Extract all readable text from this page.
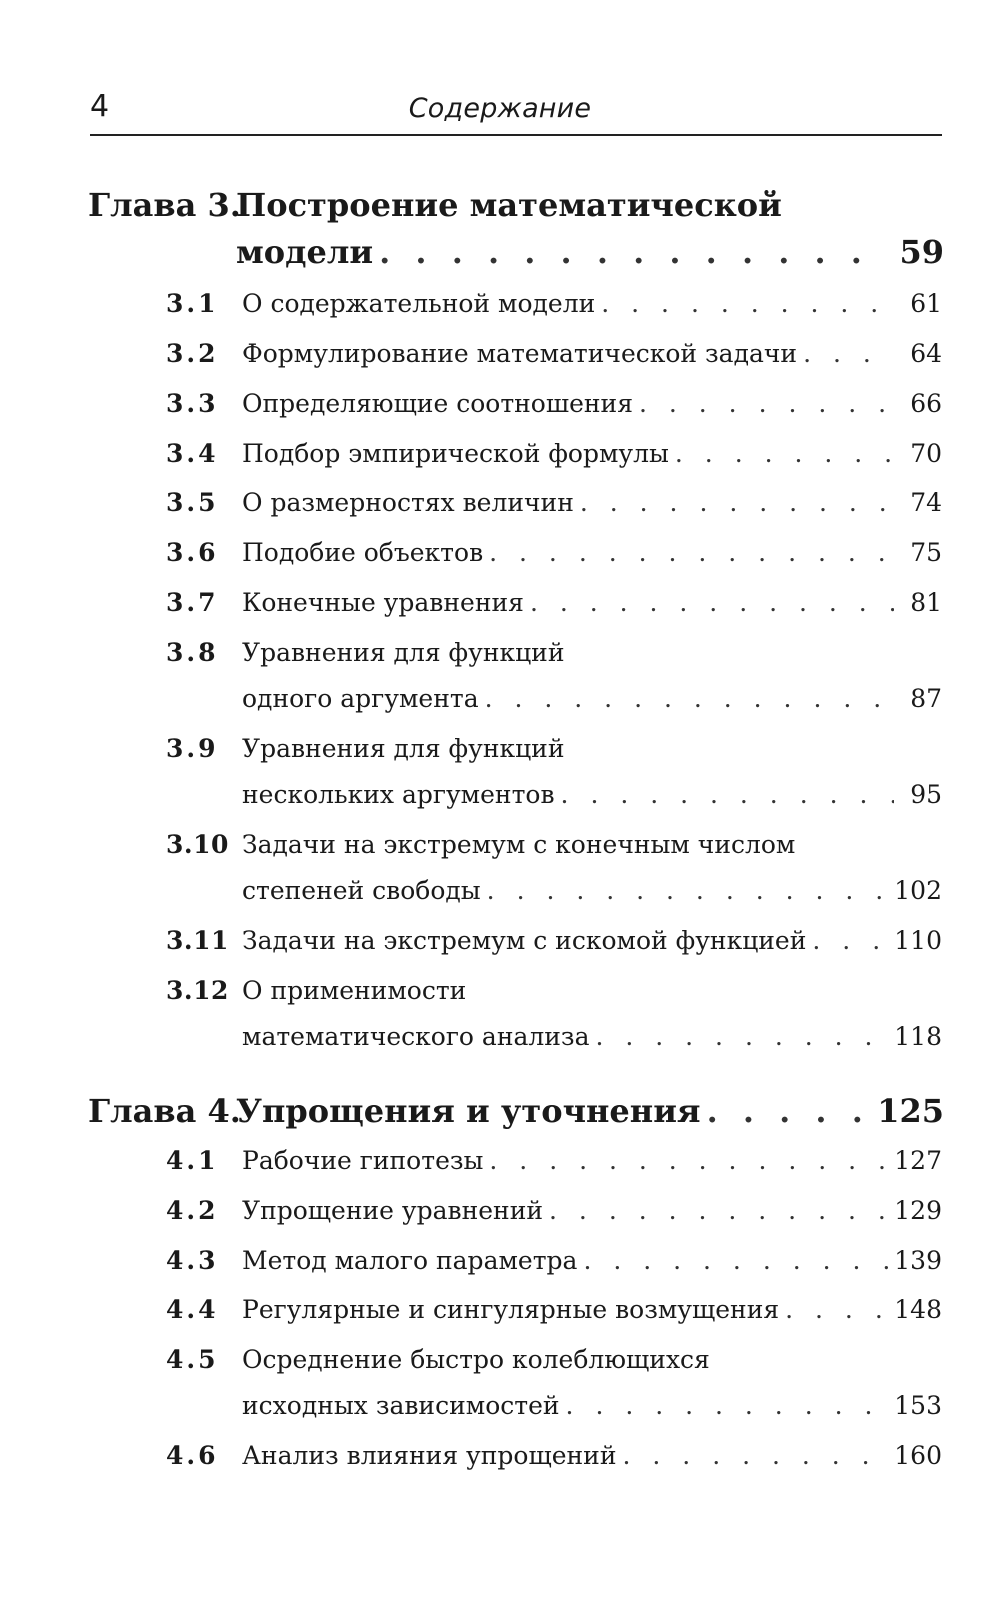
4	Содержание
Глава 3.
Построение математической
модели . . .	59
3.1 О содержательной модели . . .	61
3.2 Формулирование математической задачи . . .	64
3.3 Определяющие соотношения . . .	66
3.4 Подбор эмпирической формулы . . .	70
3.5 О размерностях величин . . .	74
3.6 Подобие объектов . . .	75
3.7 Конечные уравнения . . .	81
3.8 Уравнения для функций
одного аргумента . . .	87
3.9 Уравнения для функций
нескольких аргументов . . .	95
3.10 Задачи на экстремум с конечным числом
степеней свободы . . .	102
3.11 Задачи на экстремум с искомой функцией . . .	110
3.12 О применимости
математического анализа . . .	118
Глава 4.
Упрощения и уточнения . . .	125
4.1 Рабочие гипотезы . . .	127
4.2 Упрощение уравнений . . .	129
4.3 Метод малого параметра . . .	139
4.4 Регулярные и сингулярные возмущения . . .	148
4.5 Осреднение быстро колеблющихся
исходных зависимостей . . .	153
4.6 Анализ влияния упрощений . . .	160
